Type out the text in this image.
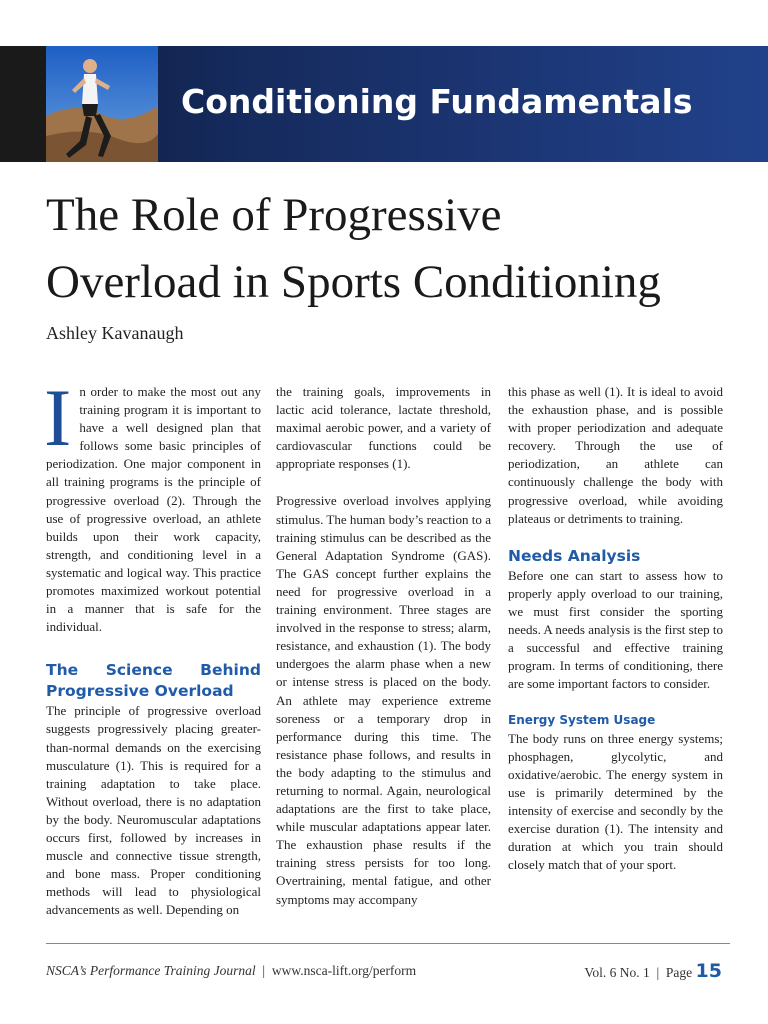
Conditioning Fundamentals
The Role of Progressive
Overload in Sports Conditioning
Ashley Kavanaugh

I n order to make the most out any training program it is important to have a well designed plan that follows some basic principles of periodization. One major component in all training programs is the principle of progressive overload (2). Through the use of progressive overload, an athlete builds upon their work capacity, strength, and conditioning level in a systematic and logical way. This practice promotes maximized workout potential in a manner that is safe for the individual.

The Science Behind Progressive Overload

The principle of progressive overload suggests progressively placing greater-than-normal demands on the exercising musculature (1). This is required for a training adaptation to take place. Without overload, there is no adaptation by the body. Neuromuscular adaptations occurs first, followed by increases in muscle and connective tissue strength, and bone mass. Proper conditioning methods will lead to physiological advancements as well. Depending on

the training goals, improvements in lactic acid tolerance, lactate threshold, maximal aerobic power, and a variety of cardiovascular functions could be appropriate responses (1).

Progressive overload involves applying stimulus. The human body’s reaction to a training stimulus can be described as the General Adaptation Syndrome (GAS). The GAS concept further explains the need for progressive overload in a training environment. Three stages are involved in the response to stress; alarm, resistance, and exhaustion (1). The body undergoes the alarm phase when a new or intense stress is placed on the body. An athlete may experience extreme soreness or a temporary drop in performance during this time. The resistance phase follows, and results in the body adapting to the stimulus and returning to normal. Again, neurological adaptations are the first to take place, while muscular adaptations appear later. The exhaustion phase results if the training stress persists for too long. Overtraining, mental fatigue, and other symptoms may accompany

this phase as well (1). It is ideal to avoid the exhaustion phase, and is possible with proper periodization and adequate recovery. Through the use of periodization, an athlete can continuously challenge the body with progressive overload, while avoiding plateaus or detriments to training.

Needs Analysis

Before one can start to assess how to properly apply overload to our training, we must first consider the sporting needs. A needs analysis is the first step to a successful and effective training program. In terms of conditioning, there are some important factors to consider.

Energy System Usage

The body runs on three energy systems; phosphagen, glycolytic, and oxidative/aerobic. The energy system in use is primarily determined by the intensity of exercise and secondly by the exercise duration (1). The intensity and duration at which you train should closely match that of your sport.

NSCA’s Performance Training Journal | www.nsca-lift.org/perform	Vol. 6 No. 1 | Page 15
